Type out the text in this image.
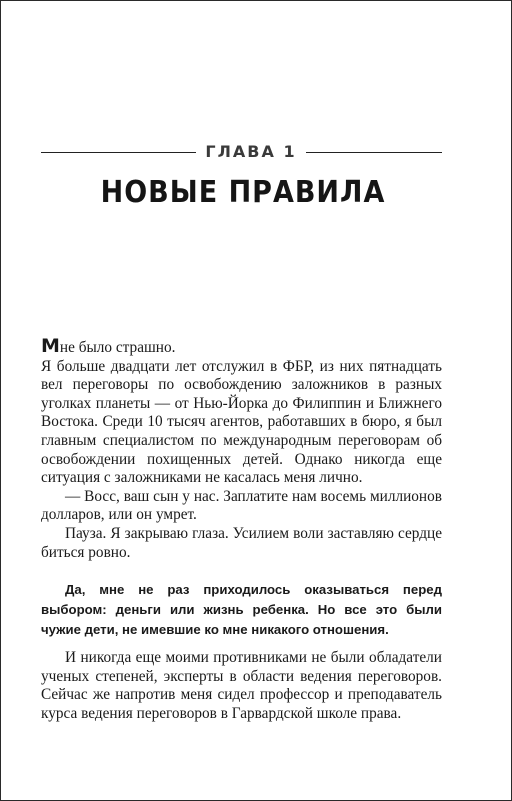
ГЛАВА 1
НОВЫЕ ПРАВИЛА

Мне было страшно.

Я больше двадцати лет отслужил в ФБР, из них пятнадцать вел переговоры по освобождению заложников в разных уголках планеты — от Нью-Йорка до Филиппин и Ближнего Востока. Среди 10 тысяч агентов, работавших в бюро, я был главным специалистом по международным переговорам об освобождении похищенных детей. Однако никогда еще ситуация с заложниками не касалась меня лично.

— Восс, ваш сын у нас. Заплатите нам восемь миллионов долларов, или он умрет.

Пауза. Я закрываю глаза. Усилием воли заставляю сердце биться ровно.

Да, мне не раз приходилось оказываться перед выбором: деньги или жизнь ребенка. Но все это были чужие дети, не имевшие ко мне никакого отношения.

И никогда еще моими противниками не были обладатели ученых степеней, эксперты в области ведения переговоров. Сейчас же напротив меня сидел профессор и преподаватель курса ведения переговоров в Гарвардской школе права.
